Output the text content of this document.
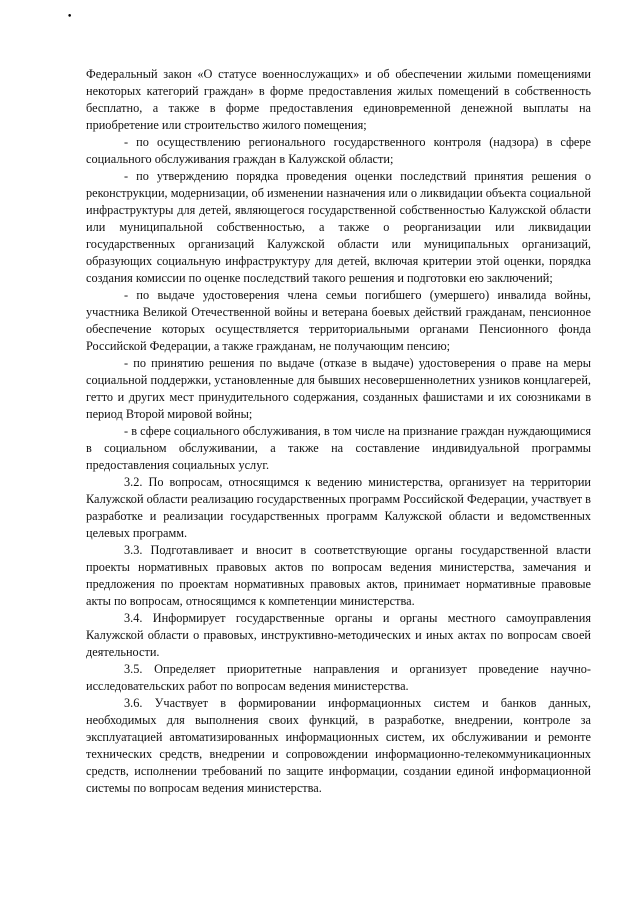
•

Федеральный закон «О статусе военнослужащих» и об обеспечении жилыми помещениями некоторых категорий граждан» в форме предоставления жилых помещений в собственность бесплатно, а также в форме предоставления единовременной денежной выплаты на приобретение или строительство жилого помещения;

- по осуществлению регионального государственного контроля (надзора) в сфере социального обслуживания граждан в Калужской области;

- по утверждению порядка проведения оценки последствий принятия решения о реконструкции, модернизации, об изменении назначения или о ликвидации объекта социальной инфраструктуры для детей, являющегося государственной собственностью Калужской области или муниципальной собственностью, а также о реорганизации или ликвидации государственных организаций Калужской области или муниципальных организаций, образующих социальную инфраструктуру для детей, включая критерии этой оценки, порядка создания комиссии по оценке последствий такого решения и подготовки ею заключений;

- по выдаче удостоверения члена семьи погибшего (умершего) инвалида войны, участника Великой Отечественной войны и ветерана боевых действий гражданам, пенсионное обеспечение которых осуществляется территориальными органами Пенсионного фонда Российской Федерации, а также гражданам, не получающим пенсию;

- по принятию решения по выдаче (отказе в выдаче) удостоверения о праве на меры социальной поддержки, установленные для бывших несовершеннолетних узников концлагерей, гетто и других мест принудительного содержания, созданных фашистами и их союзниками в период Второй мировой войны;

- в сфере социального обслуживания, в том числе на признание граждан нуждающимися в социальном обслуживании, а также на составление индивидуальной программы предоставления социальных услуг.

3.2. По вопросам, относящимся к ведению министерства, организует на территории Калужской области реализацию государственных программ Российской Федерации, участвует в разработке и реализации государственных программ Калужской области и ведомственных целевых программ.

3.3. Подготавливает и вносит в соответствующие органы государственной власти проекты нормативных правовых актов по вопросам ведения министерства, замечания и предложения по проектам нормативных правовых актов, принимает нормативные правовые акты по вопросам, относящимся к компетенции министерства.

3.4. Информирует государственные органы и органы местного самоуправления Калужской области о правовых, инструктивно-методических и иных актах по вопросам своей деятельности.

3.5. Определяет приоритетные направления и организует проведение научно-исследовательских работ по вопросам ведения министерства.

3.6. Участвует в формировании информационных систем и банков данных, необходимых для выполнения своих функций, в разработке, внедрении, контроле за эксплуатацией автоматизированных информационных систем, их обслуживании и ремонте технических средств, внедрении и сопровождении информационно-телекоммуникационных средств, исполнении требований по защите информации, создании единой информационной системы по вопросам ведения министерства.
